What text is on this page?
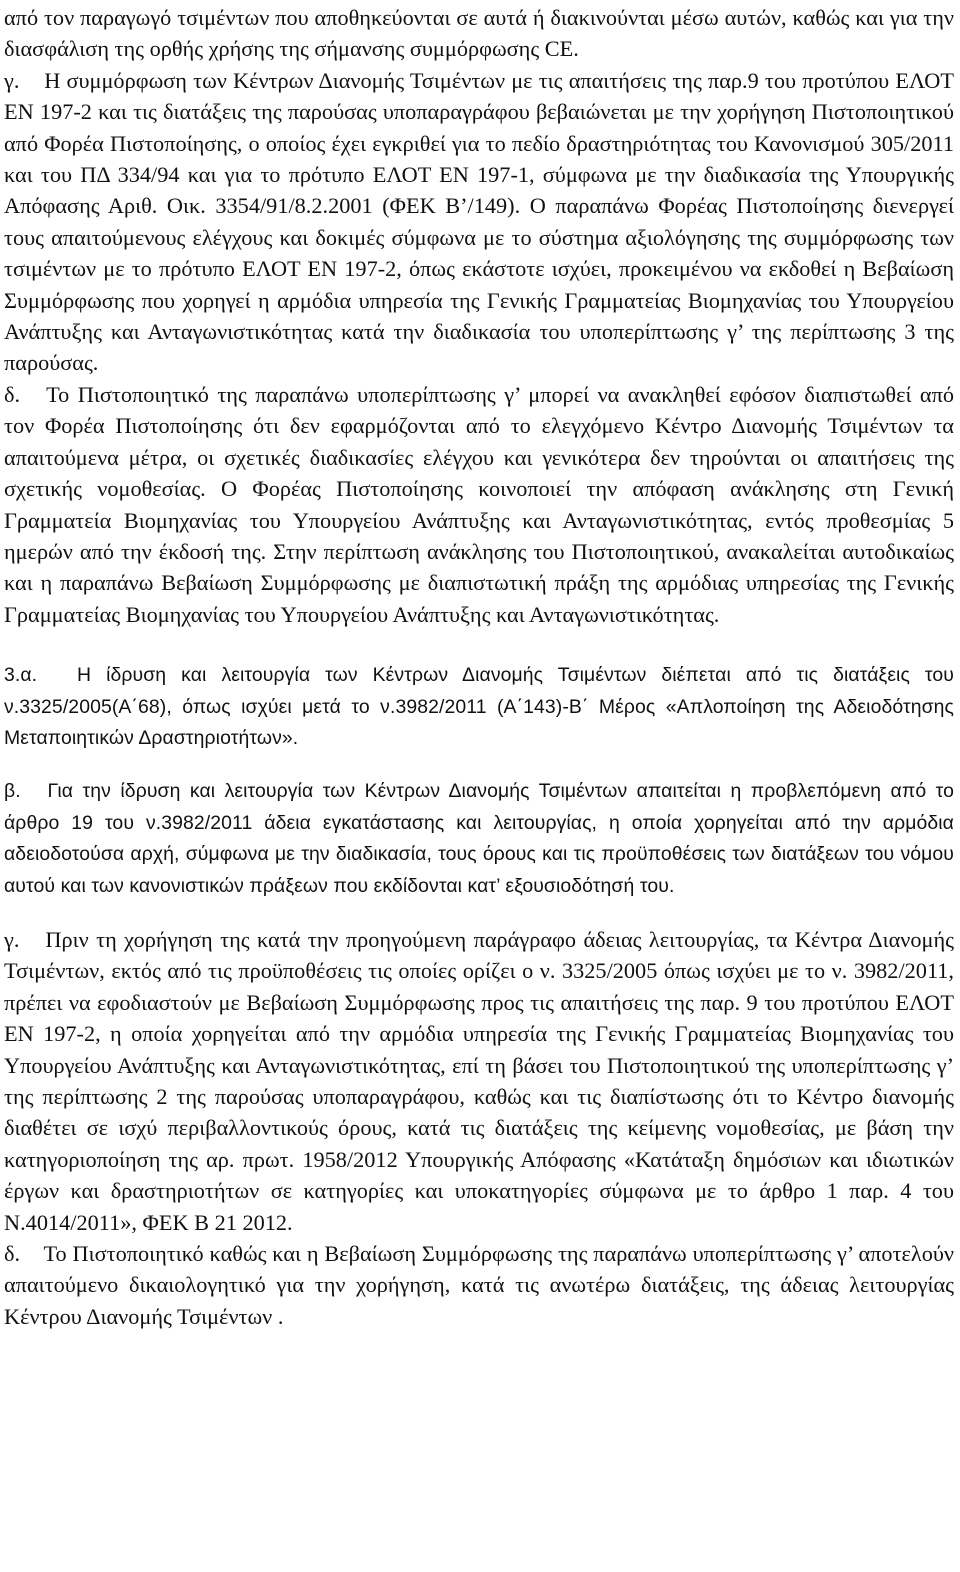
από τον παραγωγό τσιμέντων που αποθηκεύονται σε αυτά ή διακινούνται μέσω αυτών, καθώς και για την διασφάλιση της ορθής χρήσης της σήμανσης συμμόρφωσης CE.

γ. Η συμμόρφωση των Κέντρων Διανομής Τσιμέντων με τις απαιτήσεις της παρ.9 του προτύπου ΕΛΟΤ ΕΝ 197-2 και τις διατάξεις της παρούσας υποπαραγράφου βεβαιώνεται με την χορήγηση Πιστοποιητικού από Φορέα Πιστοποίησης, ο οποίος έχει εγκριθεί για το πεδίο δραστηριότητας του Κανονισμού 305/2011 και του ΠΔ 334/94 και για το πρότυπο ΕΛΟΤ ΕΝ 197-1, σύμφωνα με την διαδικασία της Υπουργικής Απόφασης Αριθ. Οικ. 3354/91/8.2.2001 (ΦΕΚ Β’/149). Ο παραπάνω Φορέας Πιστοποίησης διενεργεί τους απαιτούμενους ελέγχους και δοκιμές σύμφωνα με το σύστημα αξιολόγησης της συμμόρφωσης των τσιμέντων με το πρότυπο ΕΛΟΤ ΕΝ 197-2, όπως εκάστοτε ισχύει, προκειμένου να εκδοθεί η Βεβαίωση Συμμόρφωσης που χορηγεί η αρμόδια υπηρεσία της Γενικής Γραμματείας Βιομηχανίας του Υπουργείου Ανάπτυξης και Ανταγωνιστικότητας κατά την διαδικασία του υποπερίπτωσης γ’ της περίπτωσης 3 της παρούσας.

δ. Το Πιστοποιητικό της παραπάνω υποπερίπτωσης γ’ μπορεί να ανακληθεί εφόσον διαπιστωθεί από τον Φορέα Πιστοποίησης ότι δεν εφαρμόζονται από το ελεγχόμενο Κέντρο Διανομής Τσιμέντων τα απαιτούμενα μέτρα, οι σχετικές διαδικασίες ελέγχου και γενικότερα δεν τηρούνται οι απαιτήσεις της σχετικής νομοθεσίας. Ο Φορέας Πιστοποίησης κοινοποιεί την απόφαση ανάκλησης στη Γενική Γραμματεία Βιομηχανίας του Υπουργείου Ανάπτυξης και Ανταγωνιστικότητας, εντός προθεσμίας 5 ημερών από την έκδοσή της. Στην περίπτωση ανάκλησης του Πιστοποιητικού, ανακαλείται αυτοδικαίως και η παραπάνω Βεβαίωση Συμμόρφωσης με διαπιστωτική πράξη της αρμόδιας υπηρεσίας της Γενικής Γραμματείας Βιομηχανίας του Υπουργείου Ανάπτυξης και Ανταγωνιστικότητας.

3.α. Η ίδρυση και λειτουργία των Κέντρων Διανομής Τσιμέντων διέπεται από τις διατάξεις του ν.3325/2005(Α΄68), όπως ισχύει μετά το ν.3982/2011 (Α΄143)-Β΄ Μέρος «Απλοποίηση της Αδειοδότησης Μεταποιητικών Δραστηριοτήτων».

β. Για την ίδρυση και λειτουργία των Κέντρων Διανομής Τσιμέντων απαιτείται η προβλεπόμενη από το άρθρο 19 του ν.3982/2011 άδεια εγκατάστασης και λειτουργίας, η οποία χορηγείται από την αρμόδια αδειοδοτούσα αρχή, σύμφωνα με την διαδικασία, τους όρους και τις προϋποθέσεις των διατάξεων του νόμου αυτού και των κανονιστικών πράξεων που εκδίδονται κατ’ εξουσιοδότησή του.

γ. Πριν τη χορήγηση της κατά την προηγούμενη παράγραφο άδειας λειτουργίας, τα Κέντρα Διανομής Τσιμέντων, εκτός από τις προϋποθέσεις τις οποίες ορίζει ο ν. 3325/2005 όπως ισχύει με το ν. 3982/2011, πρέπει να εφοδιαστούν με Βεβαίωση Συμμόρφωσης προς τις απαιτήσεις της παρ. 9 του προτύπου ΕΛΟΤ ΕΝ 197-2, η οποία χορηγείται από την αρμόδια υπηρεσία της Γενικής Γραμματείας Βιομηχανίας του Υπουργείου Ανάπτυξης και Ανταγωνιστικότητας, επί τη βάσει του Πιστοποιητικού της υποπερίπτωσης γ’ της περίπτωσης 2 της παρούσας υποπαραγράφου, καθώς και τις διαπίστωσης ότι το Κέντρο διανομής διαθέτει σε ισχύ περιβαλλοντικούς όρους, κατά τις διατάξεις της κείμενης νομοθεσίας, με βάση την κατηγοριοποίηση της αρ. πρωτ. 1958/2012 Υπουργικής Απόφασης «Κατάταξη δημόσιων και ιδιωτικών έργων και δραστηριοτήτων σε κατηγορίες και υποκατηγορίες σύμφωνα με το άρθρο 1 παρ. 4 του Ν.4014/2011», ΦΕΚ Β 21 2012.

δ. Το Πιστοποιητικό καθώς και η Βεβαίωση Συμμόρφωσης της παραπάνω υποπερίπτωσης γ’ αποτελούν απαιτούμενο δικαιολογητικό για την χορήγηση, κατά τις ανωτέρω διατάξεις, της άδειας λειτουργίας Κέντρου Διανομής Τσιμέντων .
